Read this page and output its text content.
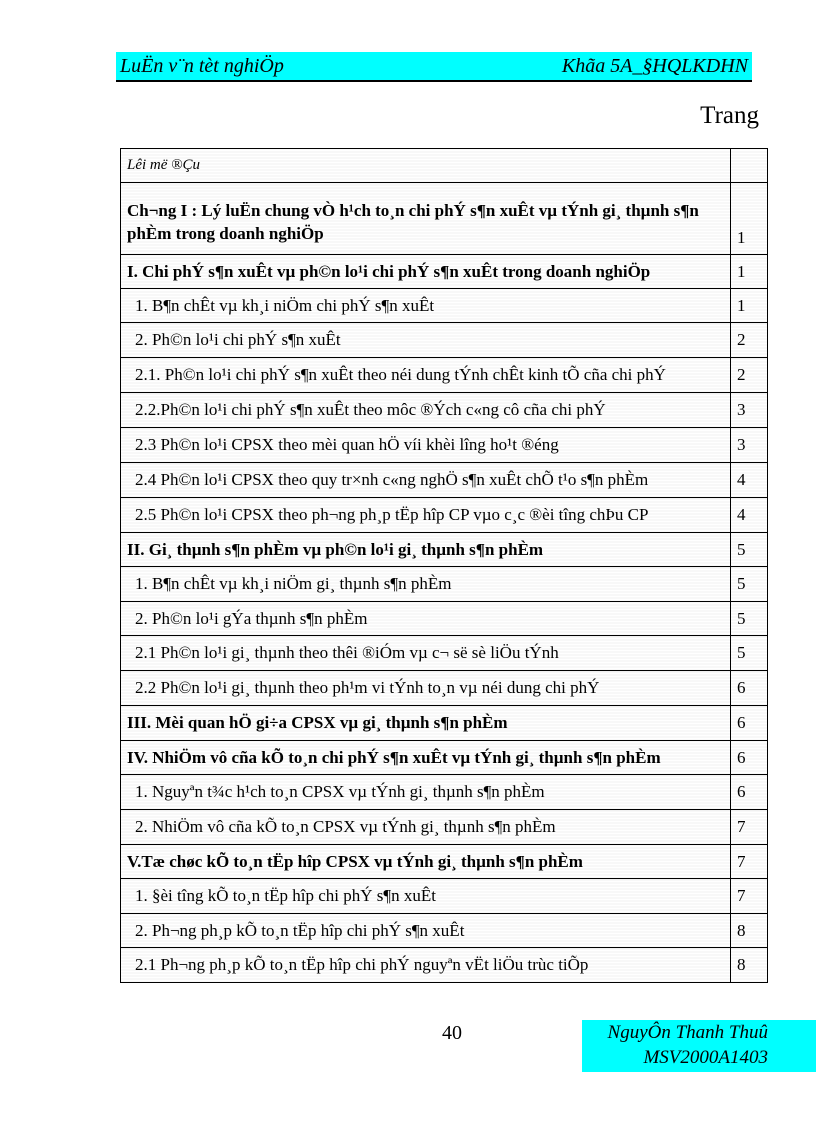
LuËn v¨n tèt nghiÖp	Khãa 5A_§HQLKDHN
Trang
Lêi më ®Çu	
Ch¬ng I : Lý luËn chung vÒ h¹ch to¸n chi phÝ s¶n xuÊt vµ tÝnh gi¸ thµnh s¶n phÈm trong doanh nghiÖp	1
I. Chi phÝ s¶n xuÊt vµ ph©n lo¹i chi phÝ s¶n xuÊt trong doanh nghiÖp	1
1. B¶n chÊt vµ kh¸i niÖm chi phÝ s¶n xuÊt	1
2. Ph©n lo¹i chi phÝ s¶n xuÊt	2
2.1. Ph©n lo¹i chi phÝ s¶n xuÊt theo néi dung tÝnh chÊt kinh tÕ cña chi phÝ	2
2.2.Ph©n lo¹i chi phÝ s¶n xuÊt theo môc ®Ých c«ng cô cña chi phÝ	3
2.3 Ph©n lo¹i CPSX theo mèi quan hÖ víi khèi lîng ho¹t ®éng	3
2.4 Ph©n lo¹i CPSX theo quy tr×nh c«ng nghÖ s¶n xuÊt chÕ t¹o s¶n phÈm	4
2.5 Ph©n lo¹i CPSX theo ph¬ng ph¸p tËp hîp CP vµo c¸c ®èi tîng chÞu CP	4
II. Gi¸ thµnh s¶n phÈm vµ ph©n lo¹i gi¸ thµnh s¶n phÈm	5
1. B¶n chÊt vµ kh¸i niÖm gi¸ thµnh s¶n phÈm	5
2. Ph©n lo¹i gÝa thµnh s¶n phÈm	5
2.1 Ph©n lo¹i gi¸ thµnh theo thêi ®iÓm vµ c¬ së sè liÖu tÝnh	5
2.2 Ph©n lo¹i gi¸ thµnh theo ph¹m vi tÝnh to¸n vµ néi dung chi phÝ	6
III. Mèi quan hÖ gi÷a CPSX vµ gi¸ thµnh s¶n phÈm	6
IV. NhiÖm vô cña kÕ to¸n chi phÝ s¶n xuÊt vµ tÝnh gi¸ thµnh s¶n phÈm	6
1. Nguyªn t¾c h¹ch to¸n CPSX vµ tÝnh gi¸ thµnh s¶n phÈm	6
2. NhiÖm vô cña kÕ to¸n CPSX vµ tÝnh gi¸ thµnh s¶n phÈm	7
V.Tæ chøc kÕ to¸n tËp hîp CPSX vµ tÝnh gi¸ thµnh s¶n phÈm	7
1. §èi tîng kÕ to¸n tËp hîp chi phÝ s¶n xuÊt	7
2. Ph¬ng ph¸p kÕ to¸n tËp hîp chi phÝ s¶n xuÊt	8
2.1 Ph¬ng ph¸p kÕ to¸n tËp hîp chi phÝ nguyªn vËt liÖu trùc tiÕp	8
40	NguyÔn Thanh Thuû
MSV2000A1403
